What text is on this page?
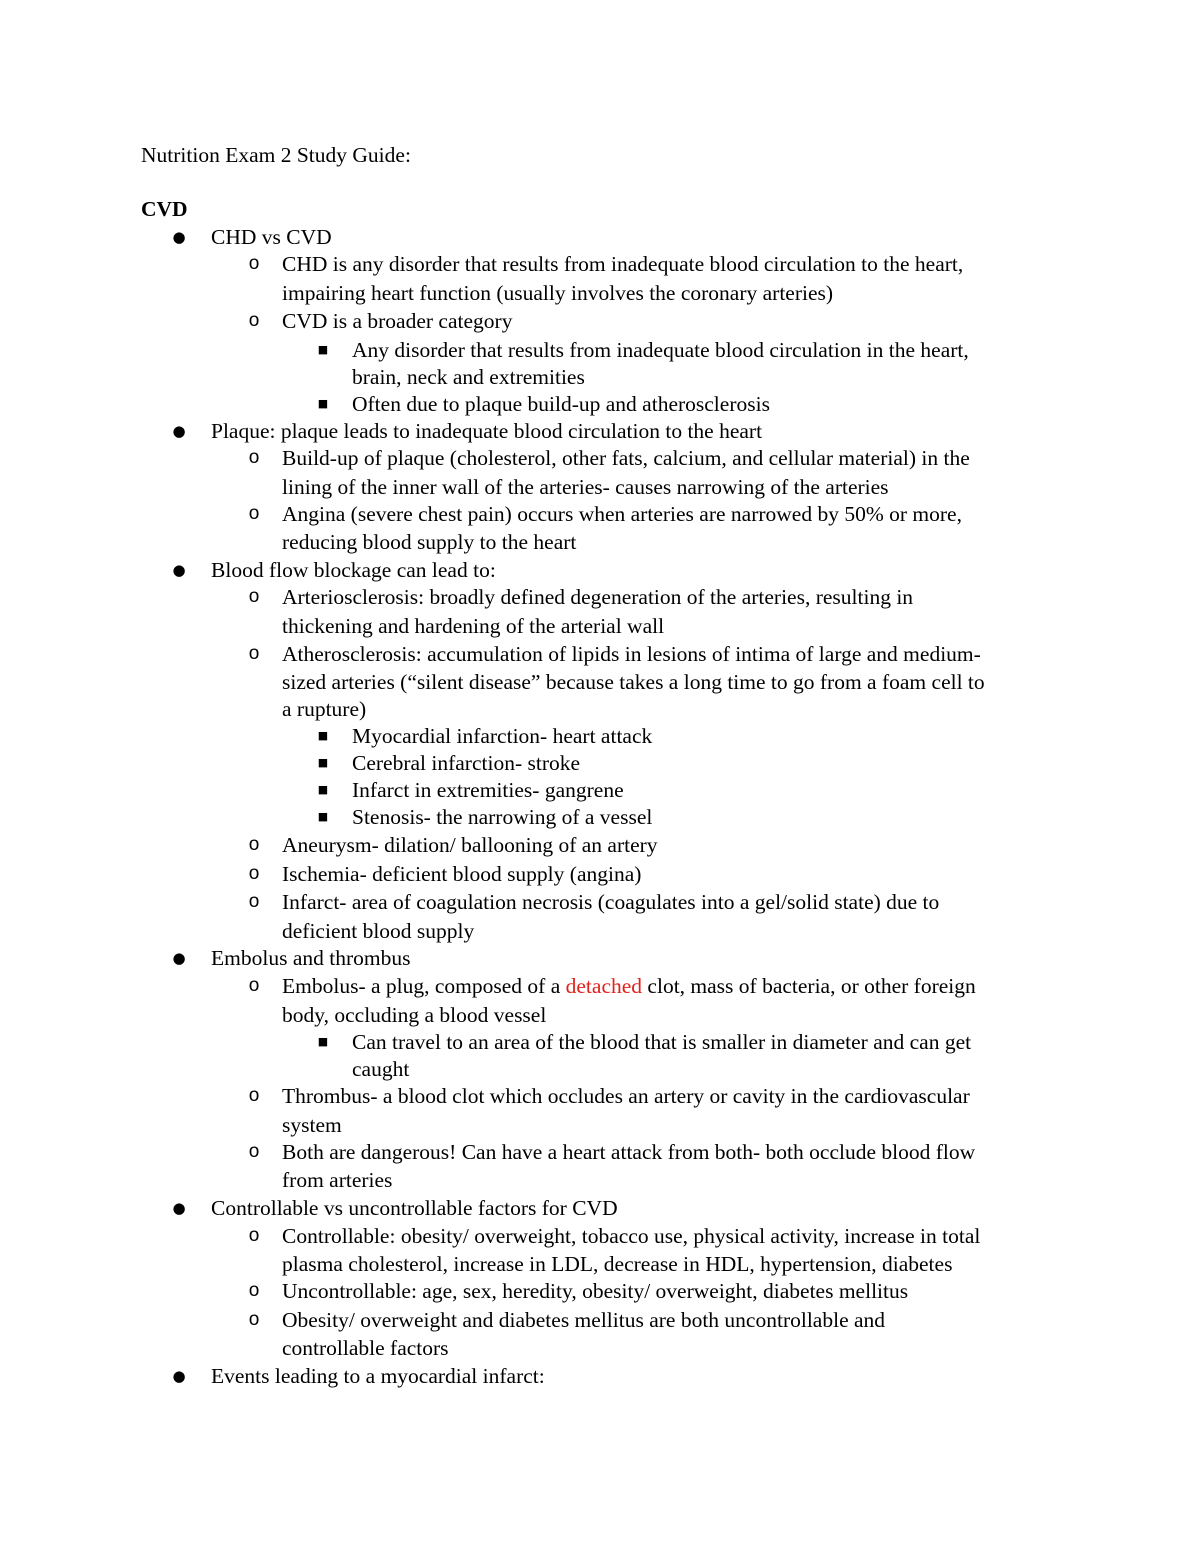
Nutrition Exam 2 Study Guide:
CVD
● CHD vs CVD
o CHD is any disorder that results from inadequate blood circulation to the heart,
impairing heart function (usually involves the coronary arteries)
o CVD is a broader category
■ Any disorder that results from inadequate blood circulation in the heart,
brain, neck and extremities
■ Often due to plaque build-up and atherosclerosis
● Plaque: plaque leads to inadequate blood circulation to the heart
o Build-up of plaque (cholesterol, other fats, calcium, and cellular material) in the
lining of the inner wall of the arteries- causes narrowing of the arteries
o Angina (severe chest pain) occurs when arteries are narrowed by 50% or more,
reducing blood supply to the heart
● Blood flow blockage can lead to:
o Arteriosclerosis: broadly defined degeneration of the arteries, resulting in
thickening and hardening of the arterial wall
o Atherosclerosis: accumulation of lipids in lesions of intima of large and medium-
sized arteries (“silent disease” because takes a long time to go from a foam cell to
a rupture)
■ Myocardial infarction- heart attack
■ Cerebral infarction- stroke
■ Infarct in extremities- gangrene
■ Stenosis- the narrowing of a vessel
o Aneurysm- dilation/ ballooning of an artery
o Ischemia- deficient blood supply (angina)
o Infarct- area of coagulation necrosis (coagulates into a gel/solid state) due to
deficient blood supply
● Embolus and thrombus
o Embolus- a plug, composed of a detached clot, mass of bacteria, or other foreign
body, occluding a blood vessel
■ Can travel to an area of the blood that is smaller in diameter and can get
caught
o Thrombus- a blood clot which occludes an artery or cavity in the cardiovascular
system
o Both are dangerous! Can have a heart attack from both- both occlude blood flow
from arteries
● Controllable vs uncontrollable factors for CVD
o Controllable: obesity/ overweight, tobacco use, physical activity, increase in total
plasma cholesterol, increase in LDL, decrease in HDL, hypertension, diabetes
o Uncontrollable: age, sex, heredity, obesity/ overweight, diabetes mellitus
o Obesity/ overweight and diabetes mellitus are both uncontrollable and
controllable factors
● Events leading to a myocardial infarct:
